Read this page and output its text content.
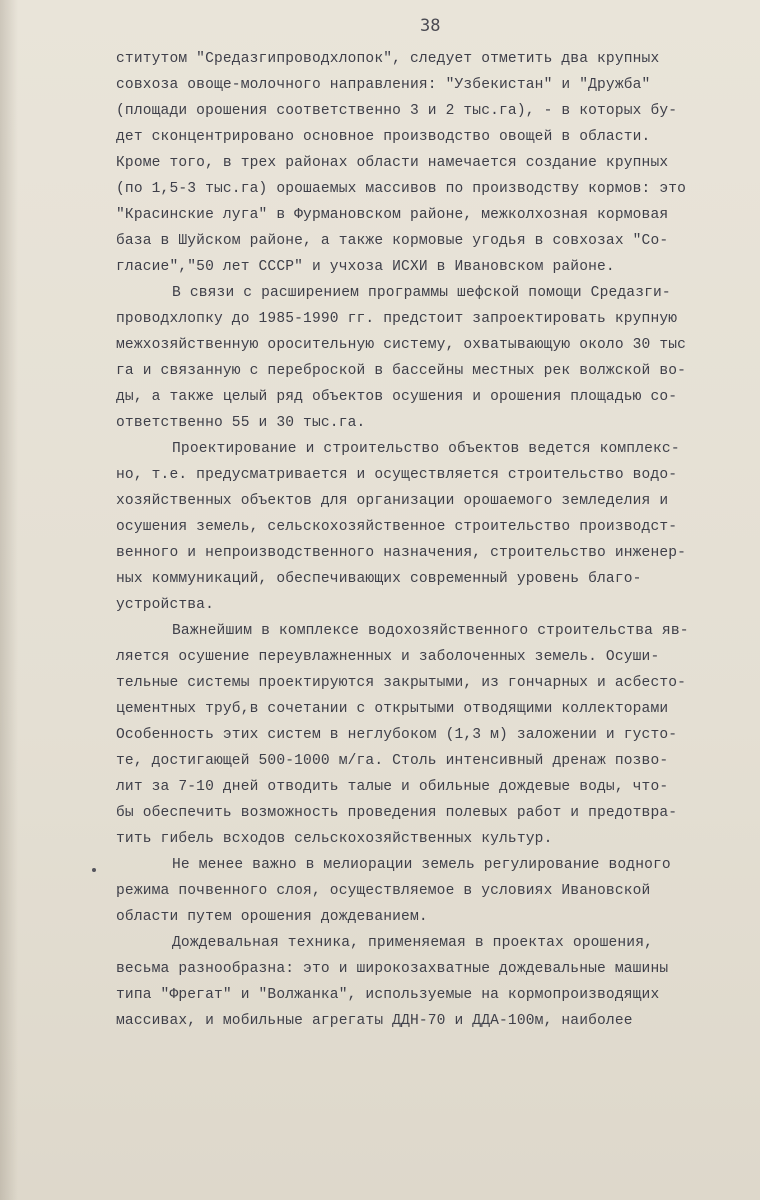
38
ститутом "Средазгипроводхлопок", следует отметить два крупных
совхоза овоще-молочного направления: "Узбекистан" и "Дружба"
(площади орошения соответственно 3 и 2 тыс.га), - в которых бу-
дет сконцентрировано основное производство овощей в области.
Кроме того, в трех районах области намечается создание крупных
(по 1,5-3 тыс.га) орошаемых массивов по производству кормов: это
"Красинские луга" в Фурмановском районе, межколхозная кормовая
база в Шуйском районе, а также кормовые угодья в совхозах "Со-
гласие","50 лет СССР" и учхоза ИСХИ в Ивановском районе.
В связи с расширением программы шефской помощи Средазги-
проводхлопку до 1985-1990 гг. предстоит запроектировать крупную
межхозяйственную оросительную систему, охватывающую около 30 тыс
га и связанную с переброской в бассейны местных рек волжской во-
ды, а также целый ряд объектов осушения и орошения площадью со-
ответственно 55 и 30 тыс.га.
Проектирование и строительство объектов ведется комплекс-
но, т.е. предусматривается и осуществляется строительство водо-
хозяйственных объектов для организации орошаемого земледелия и
осушения земель, сельскохозяйственное строительство производст-
венного и непроизводственного назначения, строительство инженер-
ных коммуникаций, обеспечивающих современный уровень благо-
устройства.
Важнейшим в комплексе водохозяйственного строительства яв-
ляется осушение переувлажненных и заболоченных земель. Осуши-
тельные системы проектируются закрытыми, из гончарных и асбесто-
цементных труб,в сочетании с открытыми отводящими коллекторами
Особенность этих систем в неглубоком (1,3 м) заложении и густо-
те, достигающей 500-1000 м/га. Столь интенсивный дренаж позво-
лит за 7-10 дней отводить талые и обильные дождевые воды, что-
бы обеспечить возможность проведения полевых работ и предотвра-
тить гибель всходов сельскохозяйственных культур.
Не менее важно в мелиорации земель регулирование водного
режима почвенного слоя, осуществляемое в условиях Ивановской
области путем орошения дождеванием.
Дождевальная техника, применяемая в проектах орошения,
весьма разнообразна: это и широкозахватные дождевальные машины
типа "Фрегат" и "Волжанка", используемые на кормопроизводящих
массивах, и мобильные агрегаты ДДН-70 и ДДА-100м, наиболее
